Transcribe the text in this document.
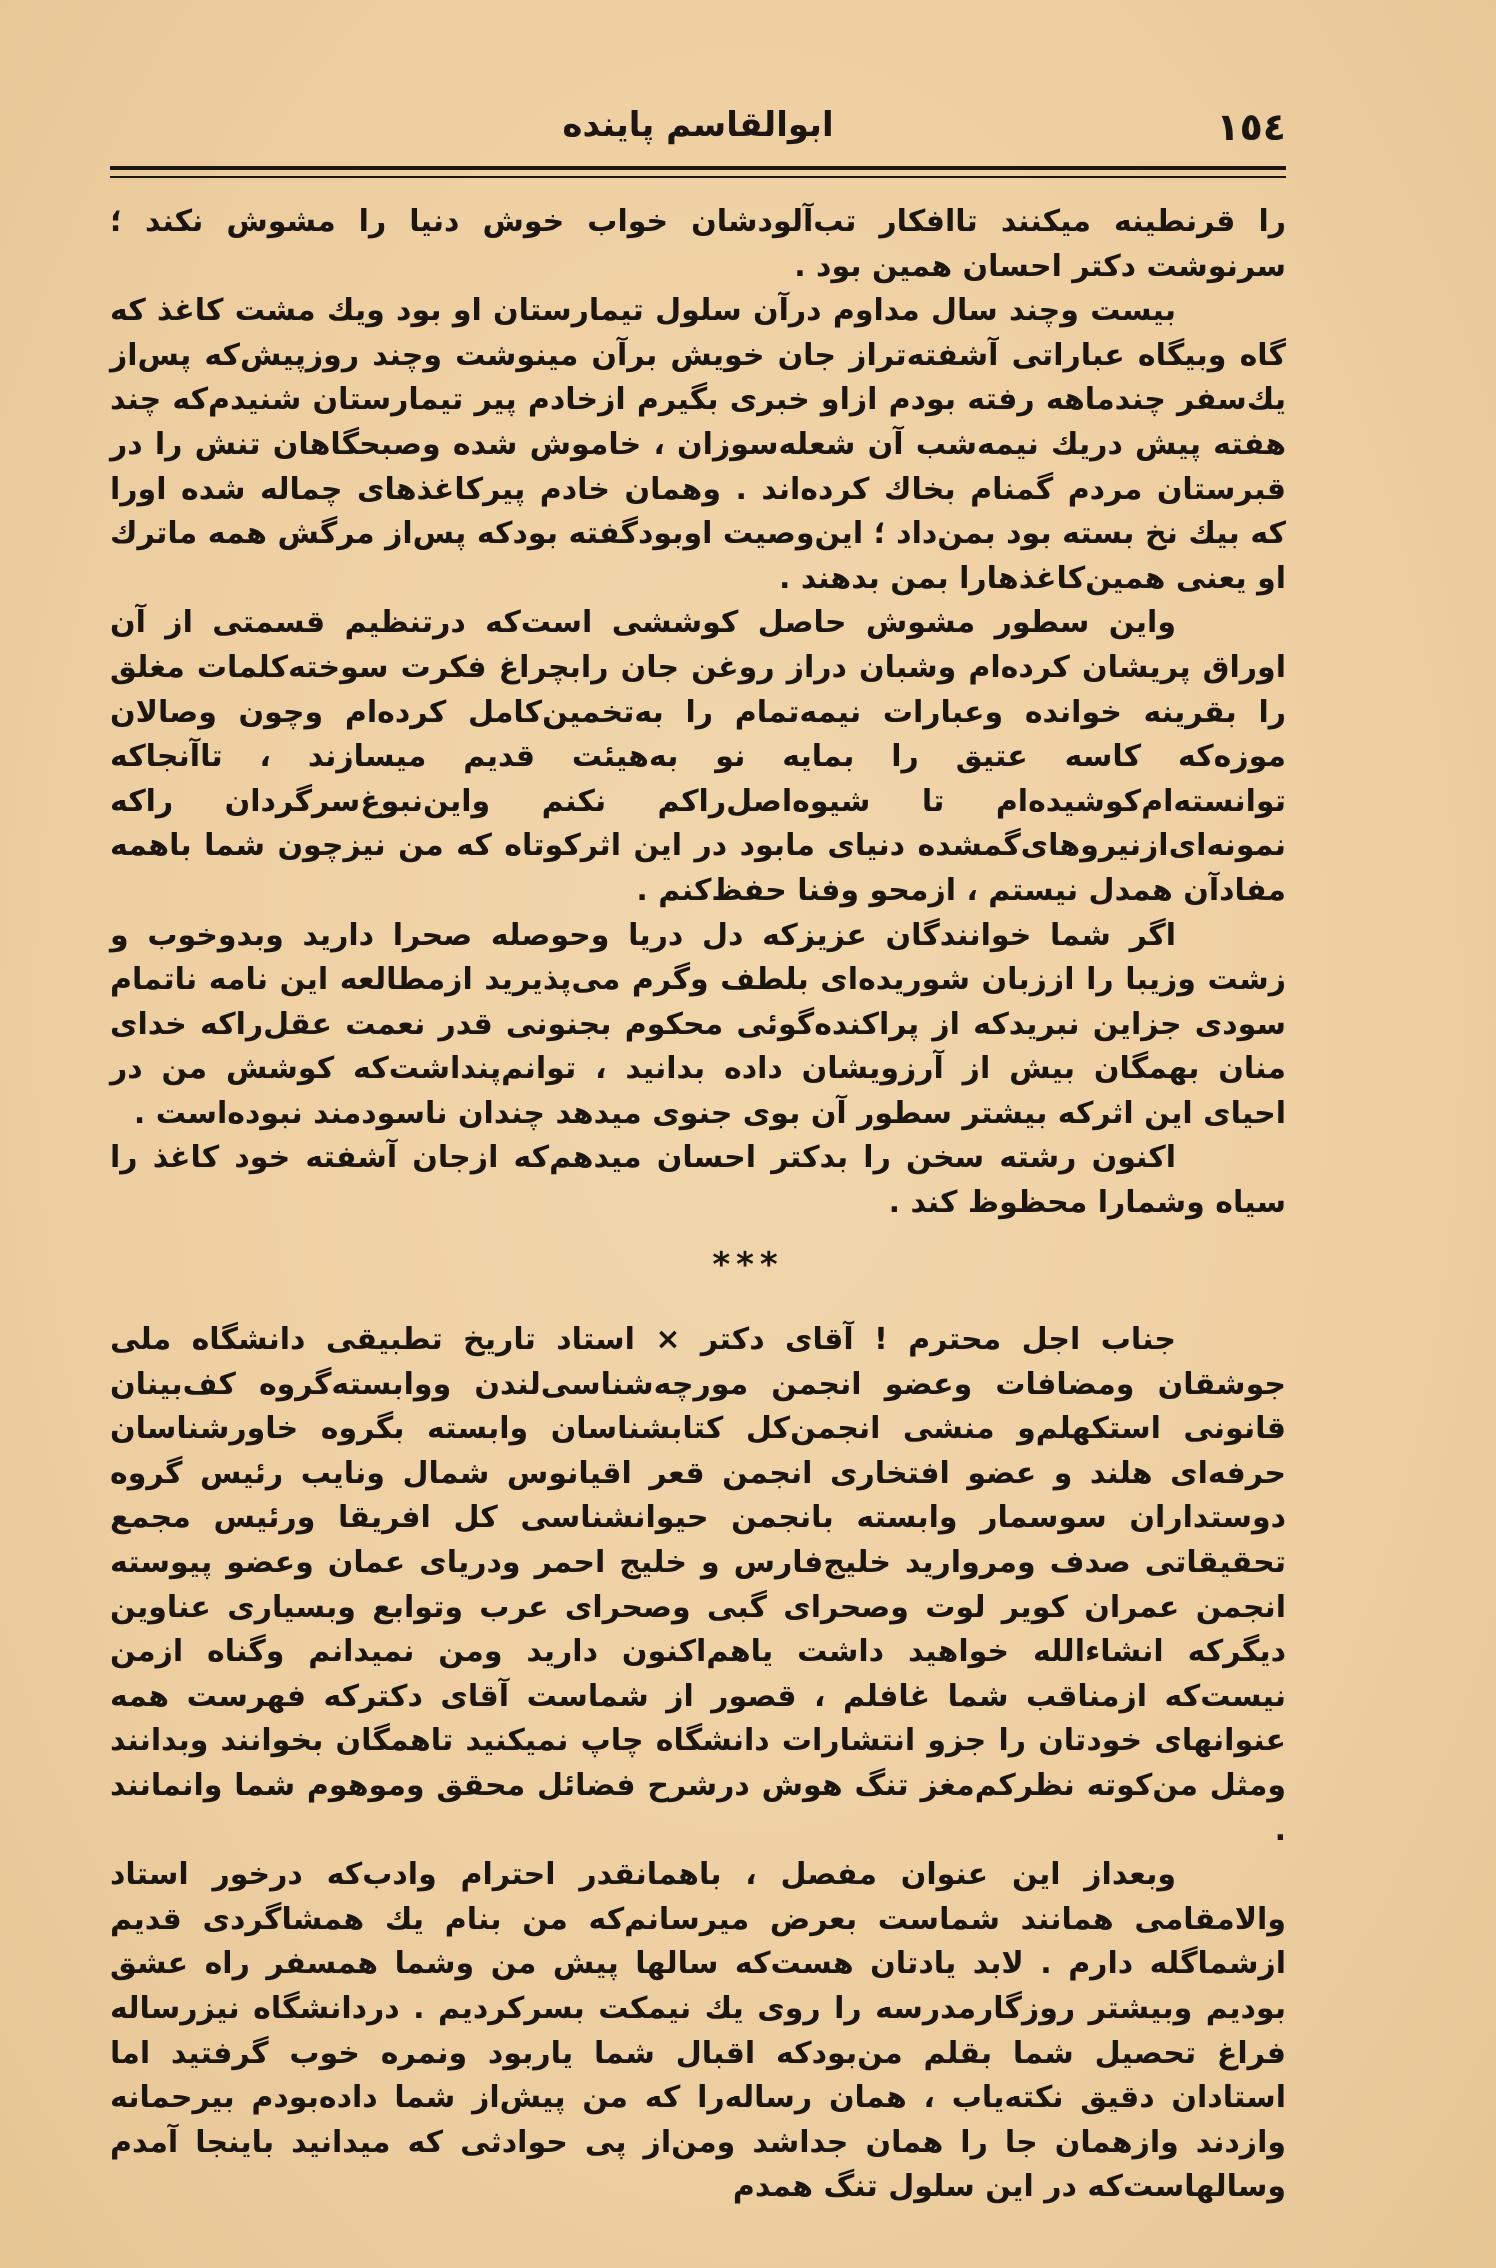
١٥٤
ابوالقاسم پاینده

را قرنطینه میکنند تاافکار تب‌آلودشان خواب خوش دنیا را مشوش نکند ؛ سرنوشت دکتر احسان همین بود .

بیست وچند سال مداوم درآن سلول تیمارستان او بود ویك مشت کاغذ که گاه وبیگاه عباراتی آشفته‌تراز جان خویش برآن مینوشت وچند روزپیش‌که پس‌از يك‌سفر چندماهه رفته بودم ازاو خبری بگیرم ازخادم پیر تیمارستان شنیدم‌که چند هفته پیش دریك نیمه‌شب آن شعله‌سوزان ، خاموش شده وصبحگاهان تنش را در قبرستان مردم گمنام بخاك کرده‌اند . وهمان خادم پیرکاغذهای چماله شده اورا که بیك نخ بسته بود بمن‌داد ؛ این‌وصیت اوبودگفته بودکه پس‌از مرگش همه ماترك او یعنی همین‌کاغذهارا بمن بدهند .

واین سطور مشوش حاصل کوششی است‌که درتنظیم قسمتی از آن اوراق پریشان کرده‌ام وشبان دراز روغن جان رابچراغ فکرت سوخته‌کلمات مغلق را بقرینه خوانده وعبارات نیمه‌تمام را به‌تخمین‌کامل کرده‌ام وچون وصالان موزه‌که کاسه عتیق را بمایه نو به‌هیئت قدیم میسازند ، تاآنجاکه توانسته‌ام‌کوشیده‌ام تا شیوه‌اصل‌راکم نکنم واین‌نبوغ‌سرگردان راکه نمونه‌ای‌ازنیروهای‌گمشده دنیای مابود در این اثرکوتاه که من نیزچون شما باهمه مفادآن همدل نیستم ، ازمحو وفنا حفظ‌کنم .

اگر شما خوانندگان عزیزکه دل دریا وحوصله صحرا دارید وبدوخوب و زشت وزیبا را اززبان شوریده‌ای بلطف وگرم می‌پذیرید ازمطالعه این نامه ناتمام سودی جزاین نبریدکه از پراکنده‌گوئی محکوم بجنونی قدر نعمت عقل‌راکه خدای منان بهمگان بیش از آرزویشان داده بدانید ، توانم‌پنداشت‌که کوشش من در احیای این اثرکه بیشتر سطور آن بوی جنوی میدهد چندان ناسودمند نبوده‌است .

اکنون رشته سخن را بدکتر احسان میدهم‌که ازجان آشفته خود کاغذ را سیاه وشمارا محظوظ کند .

***

جناب اجل محترم ! آقای دکتر × استاد تاریخ تطبیقی دانشگاه ملی جوشقان ومضافات وعضو انجمن مورچه‌شناسی‌لندن ووابسته‌گروه کف‌بینان قانونی استکهلم‌و منشی انجمن‌کل کتابشناسان وابسته بگروه خاورشناسان حرفه‌ای هلند و عضو افتخاری انجمن قعر اقیانوس شمال ونایب رئیس گروه دوستداران سوسمار وابسته بانجمن حیوانشناسی کل افریقا ورئیس مجمع تحقیقاتی صدف ومروارید خلیج‌فارس و خلیج احمر ودریای عمان وعضو پیوسته انجمن عمران کویر لوت وصحرای گبی وصحرای عرب وتوابع وبسیاری عناوین دیگرکه انشاءالله خواهید داشت یاهم‌اکنون دارید ومن نمیدانم وگناه ازمن نیست‌که ازمناقب شما غافلم ، قصور از شماست آقای دکترکه فهرست همه عنوانهای خودتان را جزو انتشارات دانشگاه چاپ نمیکنید تاهمگان بخوانند وبدانند ومثل من‌کوته نظرکم‌مغز تنگ هوش درشرح فضائل محقق وموهوم شما وانمانند .

وبعداز این عنوان مفصل ، باهمانقدر احترام وادب‌که درخور استاد والامقامی همانند شماست بعرض میرسانم‌که من بنام يك همشاگردی قدیم ازشماگله دارم . لابد یادتان هست‌که سالها پیش من وشما همسفر راه عشق بودیم وبیشتر روزگارمدرسه را روی يك نیمکت بسرکردیم . دردانشگاه نیزرساله فراغ تحصیل شما بقلم من‌بودکه اقبال شما یاربود ونمره خوب گرفتید اما استادان دقیق نکته‌یاب ، همان رساله‌را که من پیش‌از شما داده‌بودم بیرحمانه وازدند وازهمان جا را همان جداشد ومن‌از پی حوادثی که میدانید باینجا آمدم وسالهاست‌که در این سلول تنگ همدم
